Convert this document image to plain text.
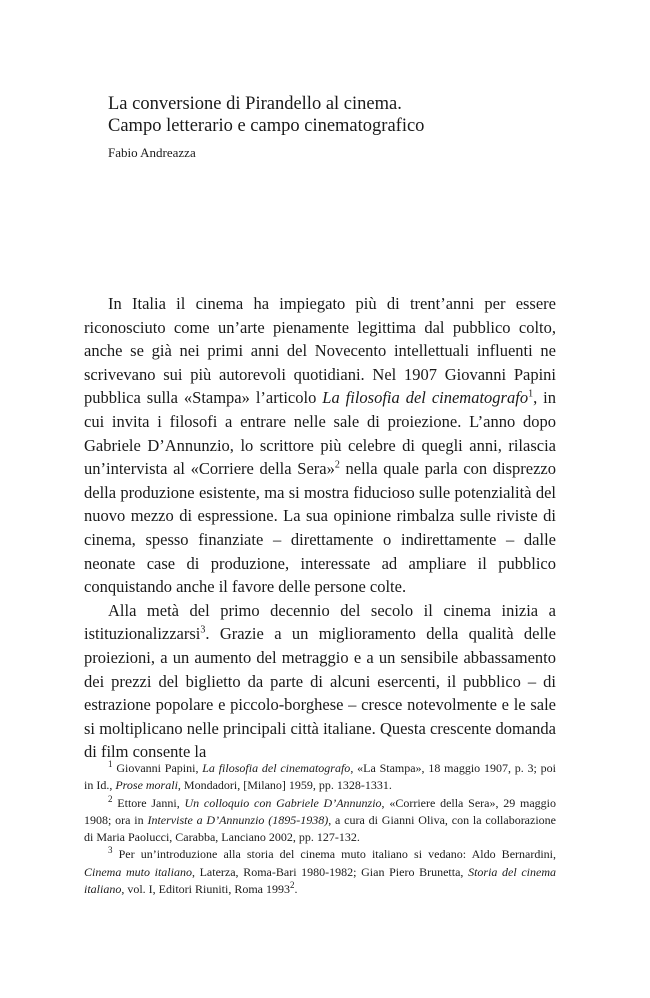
La conversione di Pirandello al cinema.
Campo letterario e campo cinematografico
Fabio Andreazza

In Italia il cinema ha impiegato più di trent’anni per essere riconosciuto come un’arte pienamente legittima dal pubblico colto, anche se già nei primi anni del Novecento intellettuali influenti ne scrivevano sui più autorevoli quotidiani. Nel 1907 Giovanni Papini pubblica sulla «Stampa» l’articolo La filosofia del cinematografo$^1$, in cui invita i filosofi a entrare nelle sale di proiezione. L’anno dopo Gabriele D’Annunzio, lo scrittore più celebre di quegli anni, rilascia un’intervista al «Corriere della Sera»$^2$ nella quale parla con disprezzo della produzione esistente, ma si mostra fiducioso sulle potenzialità del nuovo mezzo di espressione. La sua opinione rimbalza sulle riviste di cinema, spesso finanziate – direttamente o indirettamente – dalle neonate case di produzione, interessate ad ampliare il pubblico conquistando anche il favore delle persone colte.

Alla metà del primo decennio del secolo il cinema inizia a istituzionalizzarsi$^3$. Grazie a un miglioramento della qualità delle proiezioni, a un aumento del metraggio e a un sensibile abbassamento dei prezzi del biglietto da parte di alcuni esercenti, il pubblico – di estrazione popolare e piccolo-borghese – cresce notevolmente e le sale si moltiplicano nelle principali città italiane. Questa crescente domanda di film consente la

$^1$ Giovanni Papini, La filosofia del cinematografo, «La Stampa», 18 maggio 1907, p. 3; poi in Id., Prose morali, Mondadori, [Milano] 1959, pp. 1328-1331.

$^2$ Ettore Janni, Un colloquio con Gabriele D’Annunzio, «Corriere della Sera», 29 maggio 1908; ora in Interviste a D’Annunzio (1895-1938), a cura di Gianni Oliva, con la collaborazione di Maria Paolucci, Carabba, Lanciano 2002, pp. 127-132.

$^3$ Per un’introduzione alla storia del cinema muto italiano si vedano: Aldo Bernardini, Cinema muto italiano, Laterza, Roma-Bari 1980-1982; Gian Piero Brunetta, Storia del cinema italiano, vol. I, Editori Riuniti, Roma 1993$^2$.
